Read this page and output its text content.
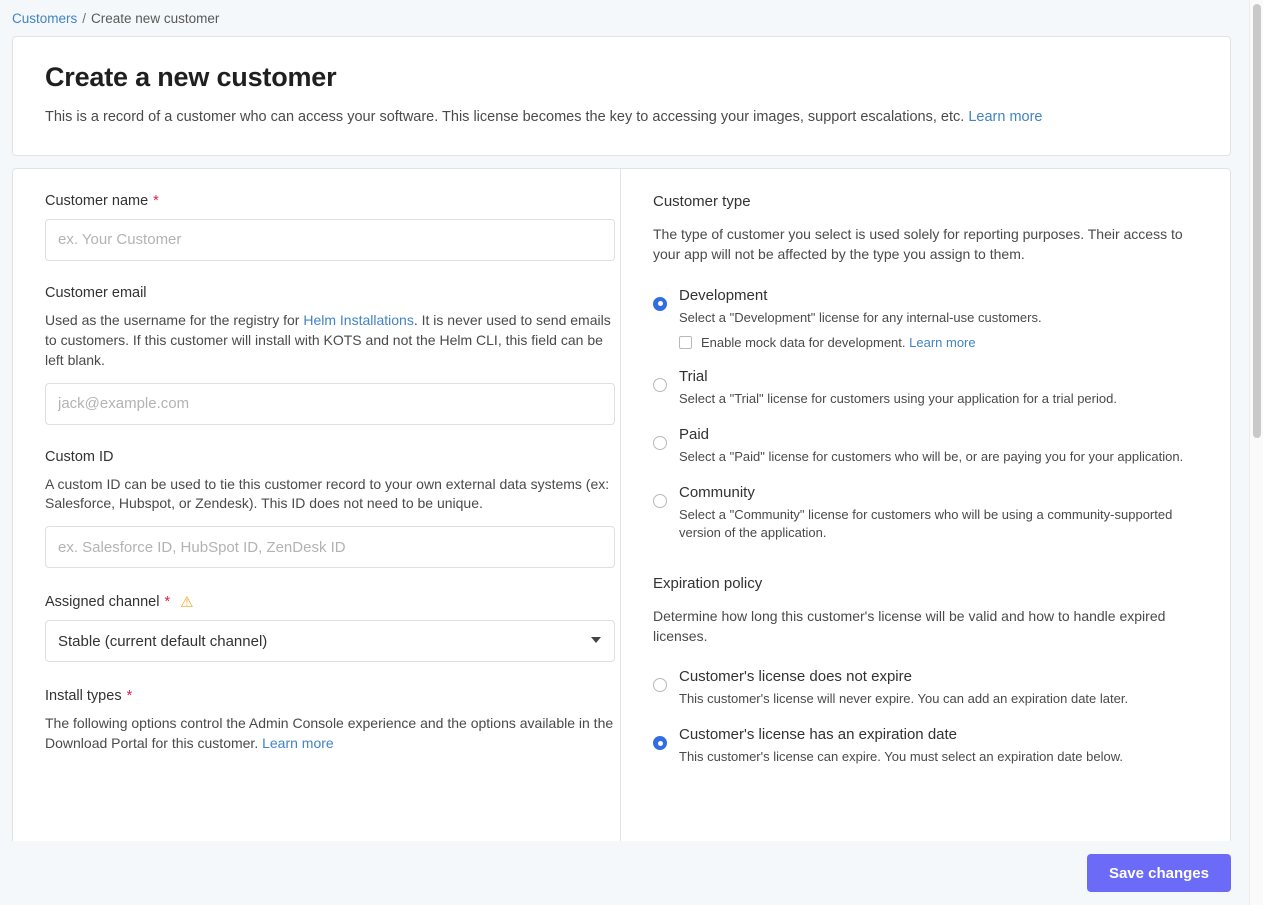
Customers / Create new customer
Create a new customer

This is a record of a customer who can access your software. This license becomes the key to accessing your images, support escalations, etc. Learn more

Customer name *
ex. Your Customer
Customer email
Used as the username for the registry for Helm Installations. It is never used to send emails to customers. If this customer will install with KOTS and not the Helm CLI, this field can be left blank.
jack@example.com
Custom ID
A custom ID can be used to tie this customer record to your own external data systems (ex: Salesforce, Hubspot, or Zendesk). This ID does not need to be unique.
ex. Salesforce ID, HubSpot ID, ZenDesk ID
Assigned channel * ⚠
Stable (current default channel)
Install types *
The following options control the Admin Console experience and the options available in the Download Portal for this customer. Learn more
Customer type
The type of customer you select is used solely for reporting purposes. Their access to your app will not be affected by the type you assign to them.
Development
Select a "Development" license for any internal-use customers.
Enable mock data for development. Learn more
Trial
Select a "Trial" license for customers using your application for a trial period.
Paid
Select a "Paid" license for customers who will be, or are paying you for your application.
Community
Select a "Community" license for customers who will be using a community-supported version of the application.
Expiration policy
Determine how long this customer's license will be valid and how to handle expired licenses.
Customer's license does not expire
This customer's license will never expire. You can add an expiration date later.
Customer's license has an expiration date
This customer's license can expire. You must select an expiration date below.
Save changes
